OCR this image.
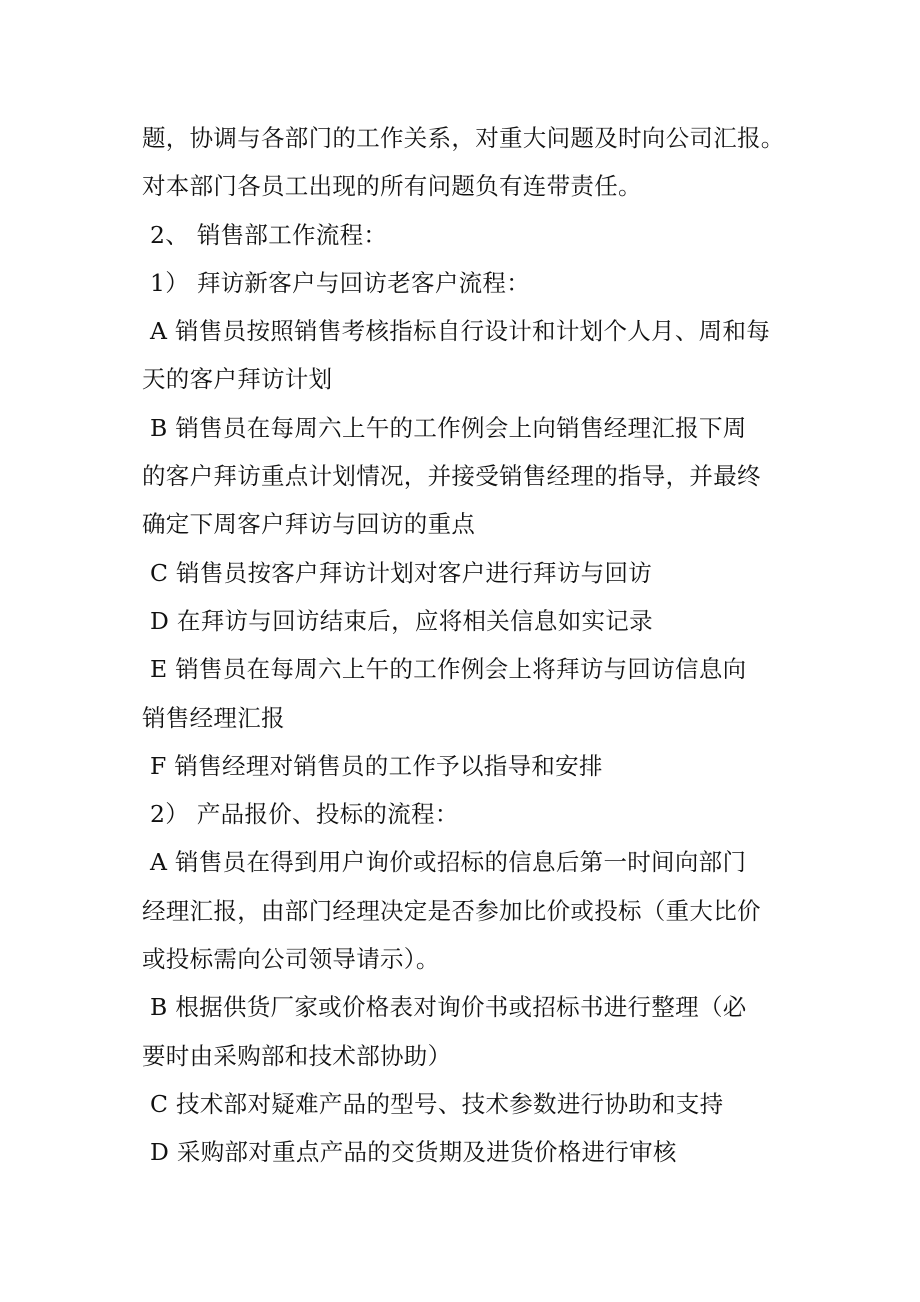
题，协调与各部门的工作关系，对重大问题及时向公司汇报。
对本部门各员工出现的所有问题负有连带责任。
2、 销售部工作流程：
1） 拜访新客户与回访老客户流程：
A 销售员按照销售考核指标自行设计和计划个人月、周和每
天的客户拜访计划
B 销售员在每周六上午的工作例会上向销售经理汇报下周
的客户拜访重点计划情况，并接受销售经理的指导，并最终
确定下周客户拜访与回访的重点
C 销售员按客户拜访计划对客户进行拜访与回访
D 在拜访与回访结束后，应将相关信息如实记录
E 销售员在每周六上午的工作例会上将拜访与回访信息向
销售经理汇报
F 销售经理对销售员的工作予以指导和安排
2） 产品报价、投标的流程：
A 销售员在得到用户询价或招标的信息后第一时间向部门
经理汇报，由部门经理决定是否参加比价或投标（重大比价
或投标需向公司领导请示）。
B 根据供货厂家或价格表对询价书或招标书进行整理（必
要时由采购部和技术部协助）
C 技术部对疑难产品的型号、技术参数进行协助和支持
D 采购部对重点产品的交货期及进货价格进行审核
